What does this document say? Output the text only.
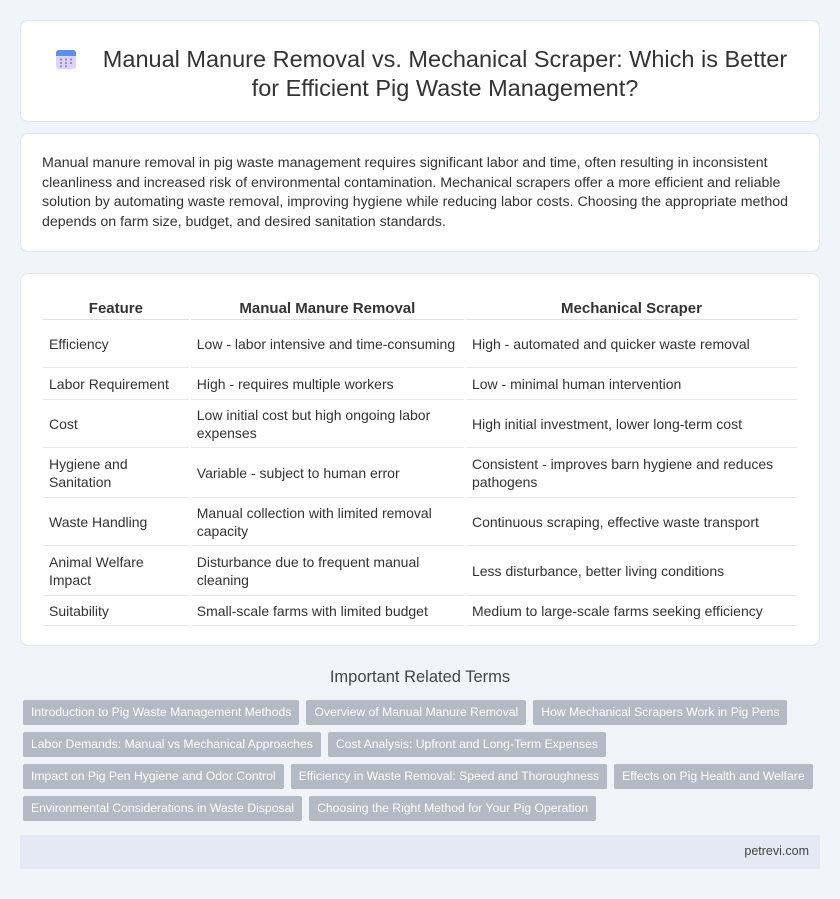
Manual Manure Removal vs. Mechanical Scraper: Which is Better for Efficient Pig Waste Management?

Manual manure removal in pig waste management requires significant labor and time, often resulting in inconsistent cleanliness and increased risk of environmental contamination. Mechanical scrapers offer a more efficient and reliable solution by automating waste removal, improving hygiene while reducing labor costs. Choosing the appropriate method depends on farm size, budget, and desired sanitation standards.

Feature	Manual Manure Removal	Mechanical Scraper
Efficiency	Low - labor intensive and time-consuming	High - automated and quicker waste removal
Labor Requirement	High - requires multiple workers	Low - minimal human intervention
Cost	Low initial cost but high ongoing labor expenses	High initial investment, lower long-term cost
Hygiene and Sanitation	Variable - subject to human error	Consistent - improves barn hygiene and reduces pathogens
Waste Handling	Manual collection with limited removal capacity	Continuous scraping, effective waste transport
Animal Welfare Impact	Disturbance due to frequent manual cleaning	Less disturbance, better living conditions
Suitability	Small-scale farms with limited budget	Medium to large-scale farms seeking efficiency
Important Related Terms
Introduction to Pig Waste Management Methods Overview of Manual Manure Removal How Mechanical Scrapers Work in Pig Pens
Labor Demands: Manual vs Mechanical Approaches Cost Analysis: Upfront and Long-Term Expenses
Impact on Pig Pen Hygiene and Odor Control Efficiency in Waste Removal: Speed and Thoroughness Effects on Pig Health and Welfare
Environmental Considerations in Waste Disposal Choosing the Right Method for Your Pig Operation
petrevi.com
